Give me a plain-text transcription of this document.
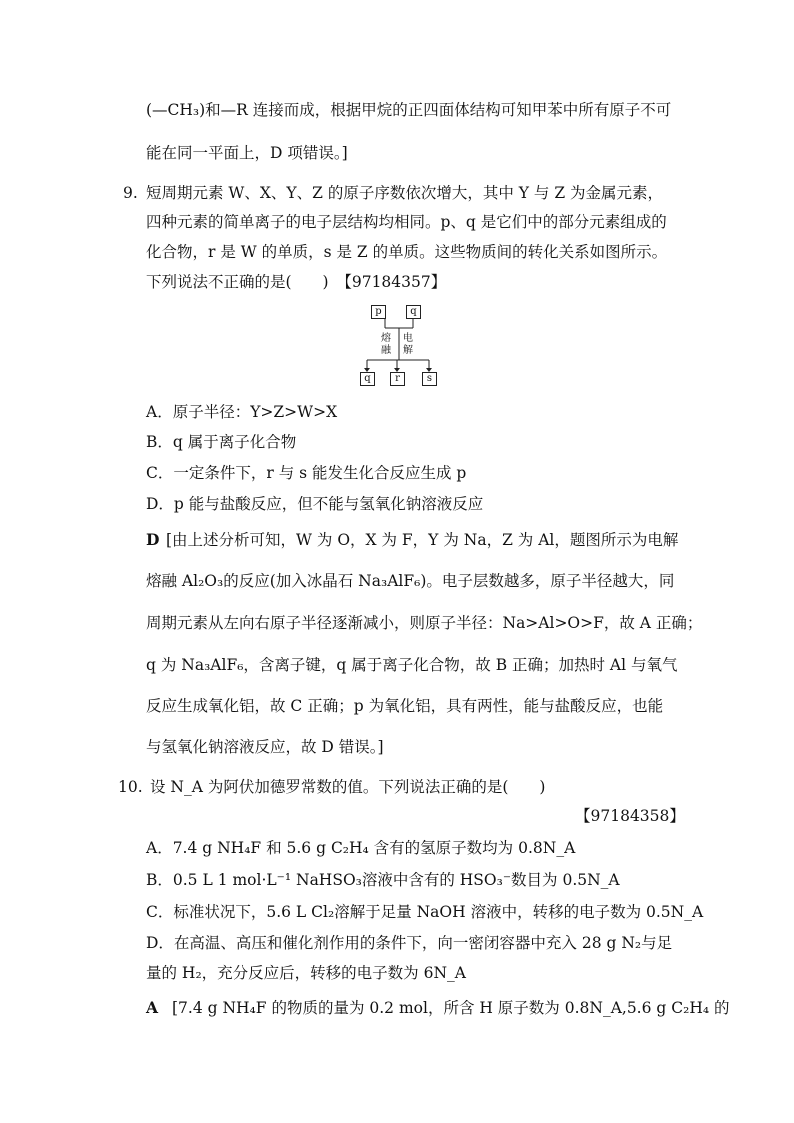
(—CH₃)和—R 连接而成，根据甲烷的正四面体结构可知甲苯中所有原子不可
能在同一平面上，D 项错误。]
9. 短周期元素 W、X、Y、Z 的原子序数依次增大，其中 Y 与 Z 为金属元素，
四种元素的简单离子的电子层结构均相同。p、q 是它们中的部分元素组成的
化合物，r 是 W 的单质，s 是 Z 的单质。这些物质间的转化关系如图所示。
下列说法不正确的是(　　)　【97184357】
p	q
熔
融
电
解
q	r	s
A．原子半径：Y>Z>W>X
B．q 属于离子化合物
C．一定条件下，r 与 s 能发生化合反应生成 p
D．p 能与盐酸反应，但不能与氢氧化钠溶液反应
D [由上述分析可知，W 为 O，X 为 F，Y 为 Na，Z 为 Al，题图所示为电解
熔融 Al₂O₃的反应(加入冰晶石 Na₃AlF₆)。电子层数越多，原子半径越大，同
周期元素从左向右原子半径逐渐减小，则原子半径：Na>Al>O>F，故 A 正确；
q 为 Na₃AlF₆，含离子键，q 属于离子化合物，故 B 正确；加热时 Al 与氧气
反应生成氧化铝，故 C 正确；p 为氧化铝，具有两性，能与盐酸反应，也能
与氢氧化钠溶液反应，故 D 错误。]
10. 设 N_A 为阿伏加德罗常数的值。下列说法正确的是(　　)
【97184358】
A．7.4 g NH₄F 和 5.6 g C₂H₄ 含有的氢原子数均为 0.8N_A
B．0.5 L 1 mol·L⁻¹ NaHSO₃溶液中含有的 HSO₃⁻数目为 0.5N_A
C．标准状况下，5.6 L Cl₂溶解于足量 NaOH 溶液中，转移的电子数为 0.5N_A
D．在高温、高压和催化剂作用的条件下，向一密闭容器中充入 28 g N₂与足
量的 H₂，充分反应后，转移的电子数为 6N_A
A [7.4 g NH₄F 的物质的量为 0.2 mol，所含 H 原子数为 0.8N_A,5.6 g C₂H₄ 的
